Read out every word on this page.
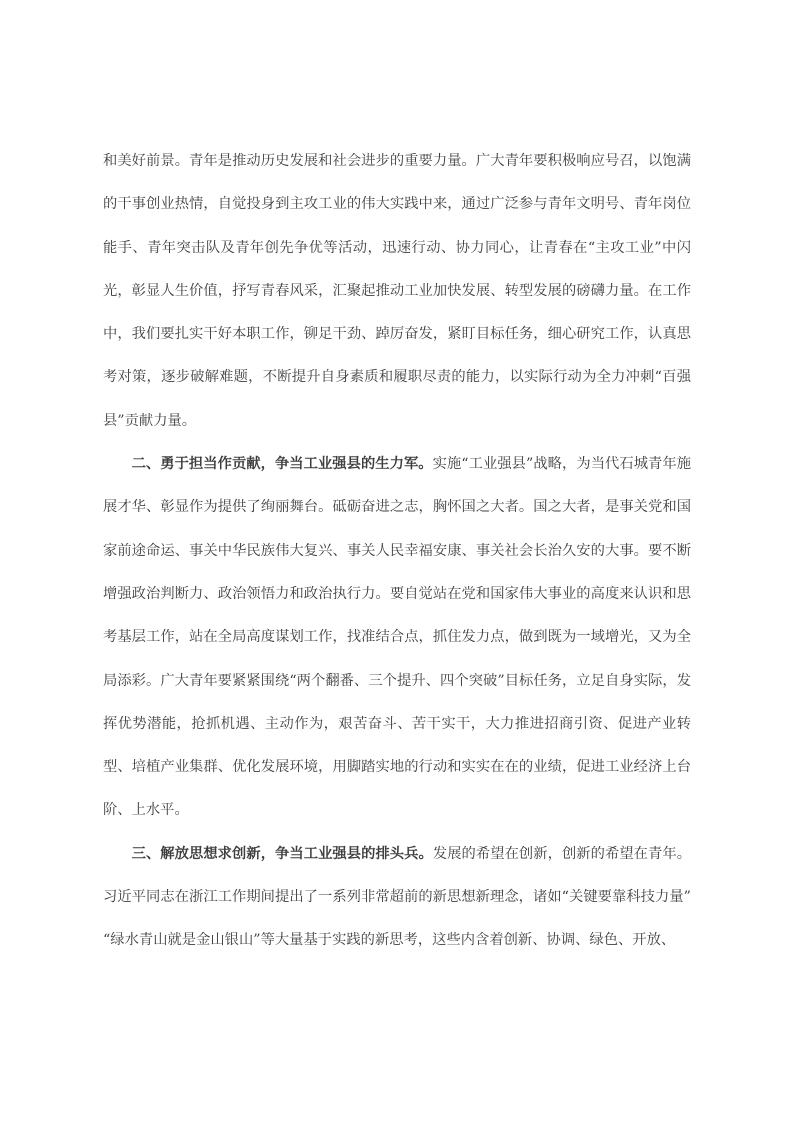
和美好前景。青年是推动历史发展和社会进步的重要力量。广大青年要积极响应号召，以饱满的干事创业热情，自觉投身到主攻工业的伟大实践中来，通过广泛参与青年文明号、青年岗位能手、青年突击队及青年创先争优等活动，迅速行动、协力同心，让青春在“主攻工业”中闪光，彰显人生价值，抒写青春风采，汇聚起推动工业加快发展、转型发展的磅礴力量。在工作中，我们要扎实干好本职工作，铆足干劲、踔厉奋发，紧盯目标任务，细心研究工作，认真思考对策，逐步破解难题，不断提升自身素质和履职尽责的能力，以实际行动为全力冲刺“百强县”贡献力量。

二、勇于担当作贡献，争当工业强县的生力军。实施“工业强县”战略，为当代石城青年施展才华、彰显作为提供了绚丽舞台。砥砺奋进之志，胸怀国之大者。国之大者，是事关党和国家前途命运、事关中华民族伟大复兴、事关人民幸福安康、事关社会长治久安的大事。要不断增强政治判断力、政治领悟力和政治执行力。要自觉站在党和国家伟大事业的高度来认识和思考基层工作，站在全局高度谋划工作，找准结合点，抓住发力点，做到既为一域增光，又为全局添彩。广大青年要紧紧围绕“两个翻番、三个提升、四个突破”目标任务，立足自身实际，发挥优势潜能，抢抓机遇、主动作为，艰苦奋斗、苦干实干，大力推进招商引资、促进产业转型、培植产业集群、优化发展环境，用脚踏实地的行动和实实在在的业绩，促进工业经济上台阶、上水平。

三、解放思想求创新，争当工业强县的排头兵。发展的希望在创新，创新的希望在青年。习近平同志在浙江工作期间提出了一系列非常超前的新思想新理念，诸如“关键要靠科技力量”“绿水青山就是金山银山”等大量基于实践的新思考，这些内含着创新、协调、绿色、开放、
